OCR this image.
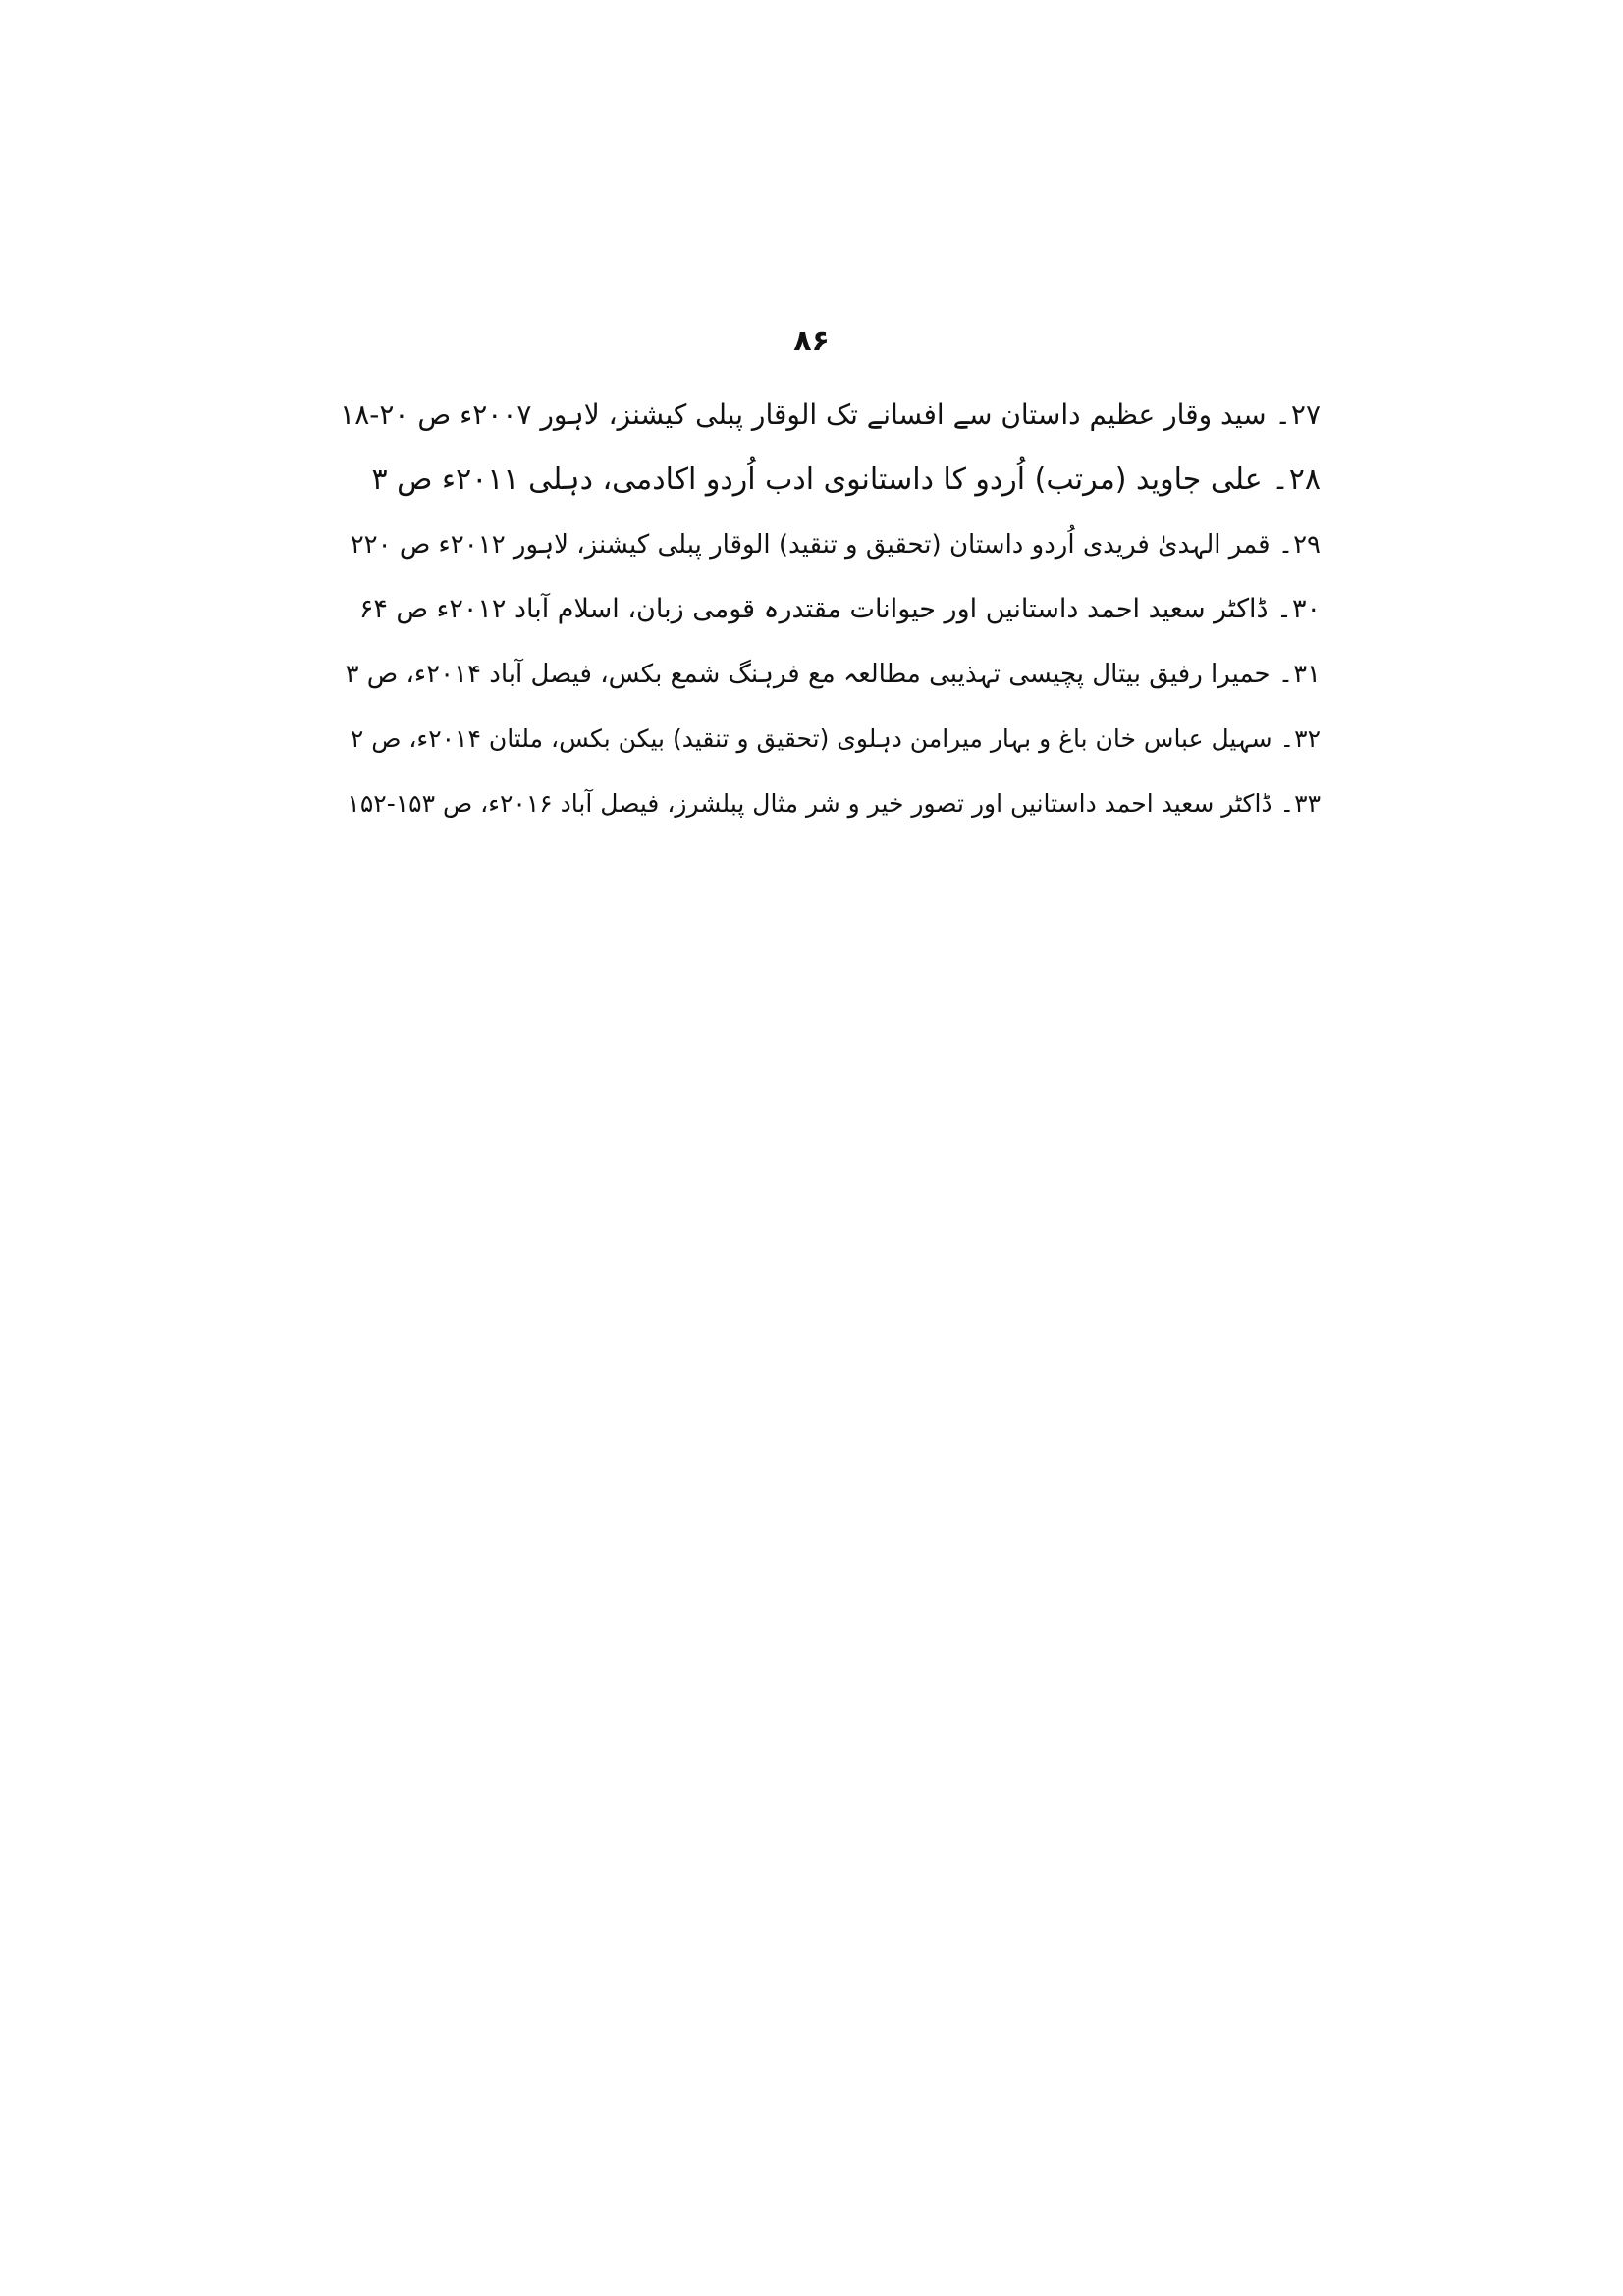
۸۶
۲۷۔ سید وقار عظیم داستان سے افسانے تک الوقار پبلی کیشنز، لاہور ۲۰۰۷ء ص ۲۰-۱۸
۲۸۔ علی جاوید (مرتب) اُردو کا داستانوی ادب اُردو اکادمی، دہلی ۲۰۱۱ء ص ۳
۲۹۔ قمر الہدیٰ فریدی اُردو داستان (تحقیق و تنقید) الوقار پبلی کیشنز، لاہور ۲۰۱۲ء ص ۲۲۰
۳۰۔ ڈاکٹر سعید احمد داستانیں اور حیوانات مقتدرہ قومی زبان، اسلام آباد ۲۰۱۲ء ص ۶۴
۳۱۔ حمیرا رفیق بیتال پچیسی تہذیبی مطالعہ مع فرہنگ شمع بکس، فیصل آباد ۲۰۱۴ء، ص ۳
۳۲۔ سہیل عباس خان باغ و بہار میرامن دہلوی (تحقیق و تنقید) بیکن بکس، ملتان ۲۰۱۴ء، ص ۲
۳۳۔ ڈاکٹر سعید احمد داستانیں اور تصور خیر و شر مثال پبلشرز، فیصل آباد ۲۰۱۶ء، ص ۱۵۳-۱۵۲
